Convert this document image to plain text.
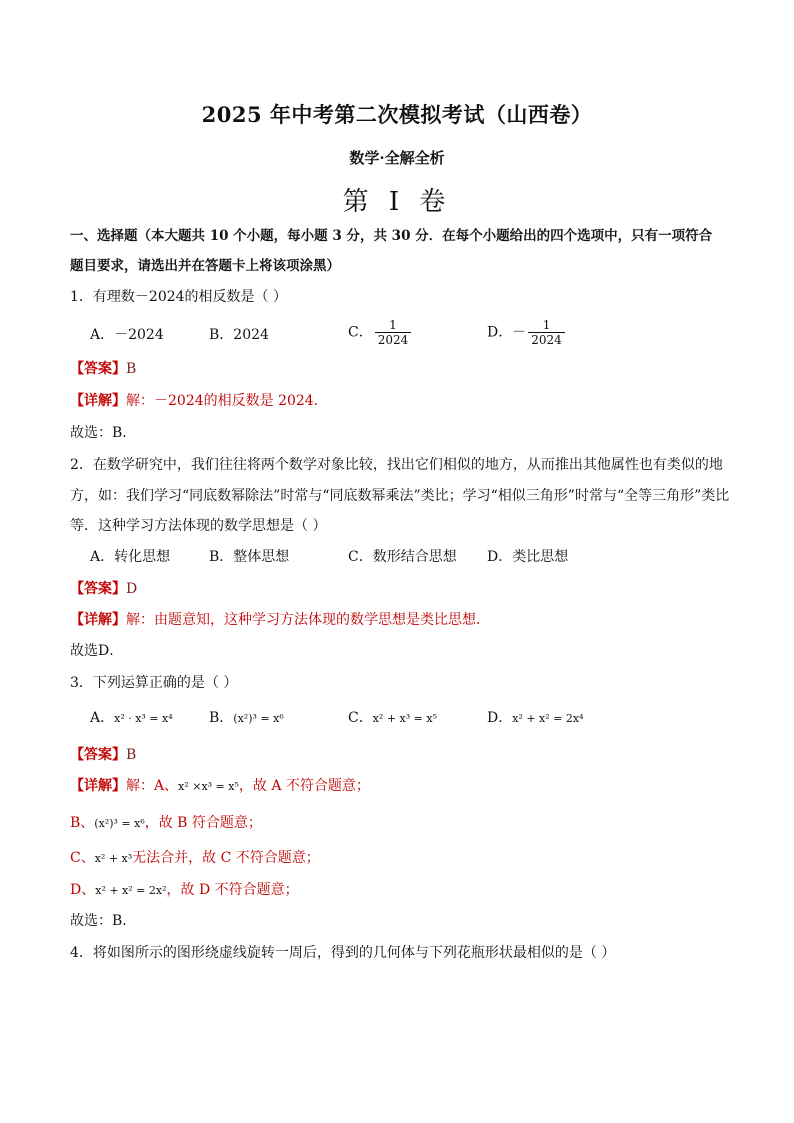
2025 年中考第二次模拟考试（山西卷）
数学·全解全析
第 I 卷
一、选择题（本大题共 10 个小题，每小题 3 分，共 30 分．在每个小题给出的四个选项中，只有一项符合
题目要求，请选出并在答题卡上将该项涂黑）
1．有理数－2024的相反数是（ ）
A．－2024	B．2024	C． $\frac{1}{2024}$	D．－ $\frac{1}{2024}$
【答案】B
【详解】解：－2024的相反数是 2024．
故选：B．
2．在数学研究中，我们往往将两个数学对象比较，找出它们相似的地方，从而推出其他属性也有类似的地
方，如：我们学习“同底数幂除法”时常与“同底数幂乘法”类比；学习“相似三角形”时常与“全等三角形”类比
等．这种学习方法体现的数学思想是（ ）
A．转化思想	B．整体思想	C．数形结合思想 D．类比思想
【答案】D
【详解】解：由题意知，这种学习方法体现的数学思想是类比思想．
故选D．
3．下列运算正确的是（ ）
A．x² · x³ = x⁴	B．(x²)³ = x⁶	C．x² + x³ = x⁵	D．x² + x² = 2x⁴
【答案】B
【详解】解：A、x² ×x³ = x⁵，故 A 不符合题意；
B、(x²)³ = x⁶，故 B 符合题意；
C、x² + x³无法合并，故 C 不符合题意；
D、x² + x² = 2x²，故 D 不符合题意；
故选：B．
4．将如图所示的图形绕虚线旋转一周后，得到的几何体与下列花瓶形状最相似的是（ ）
